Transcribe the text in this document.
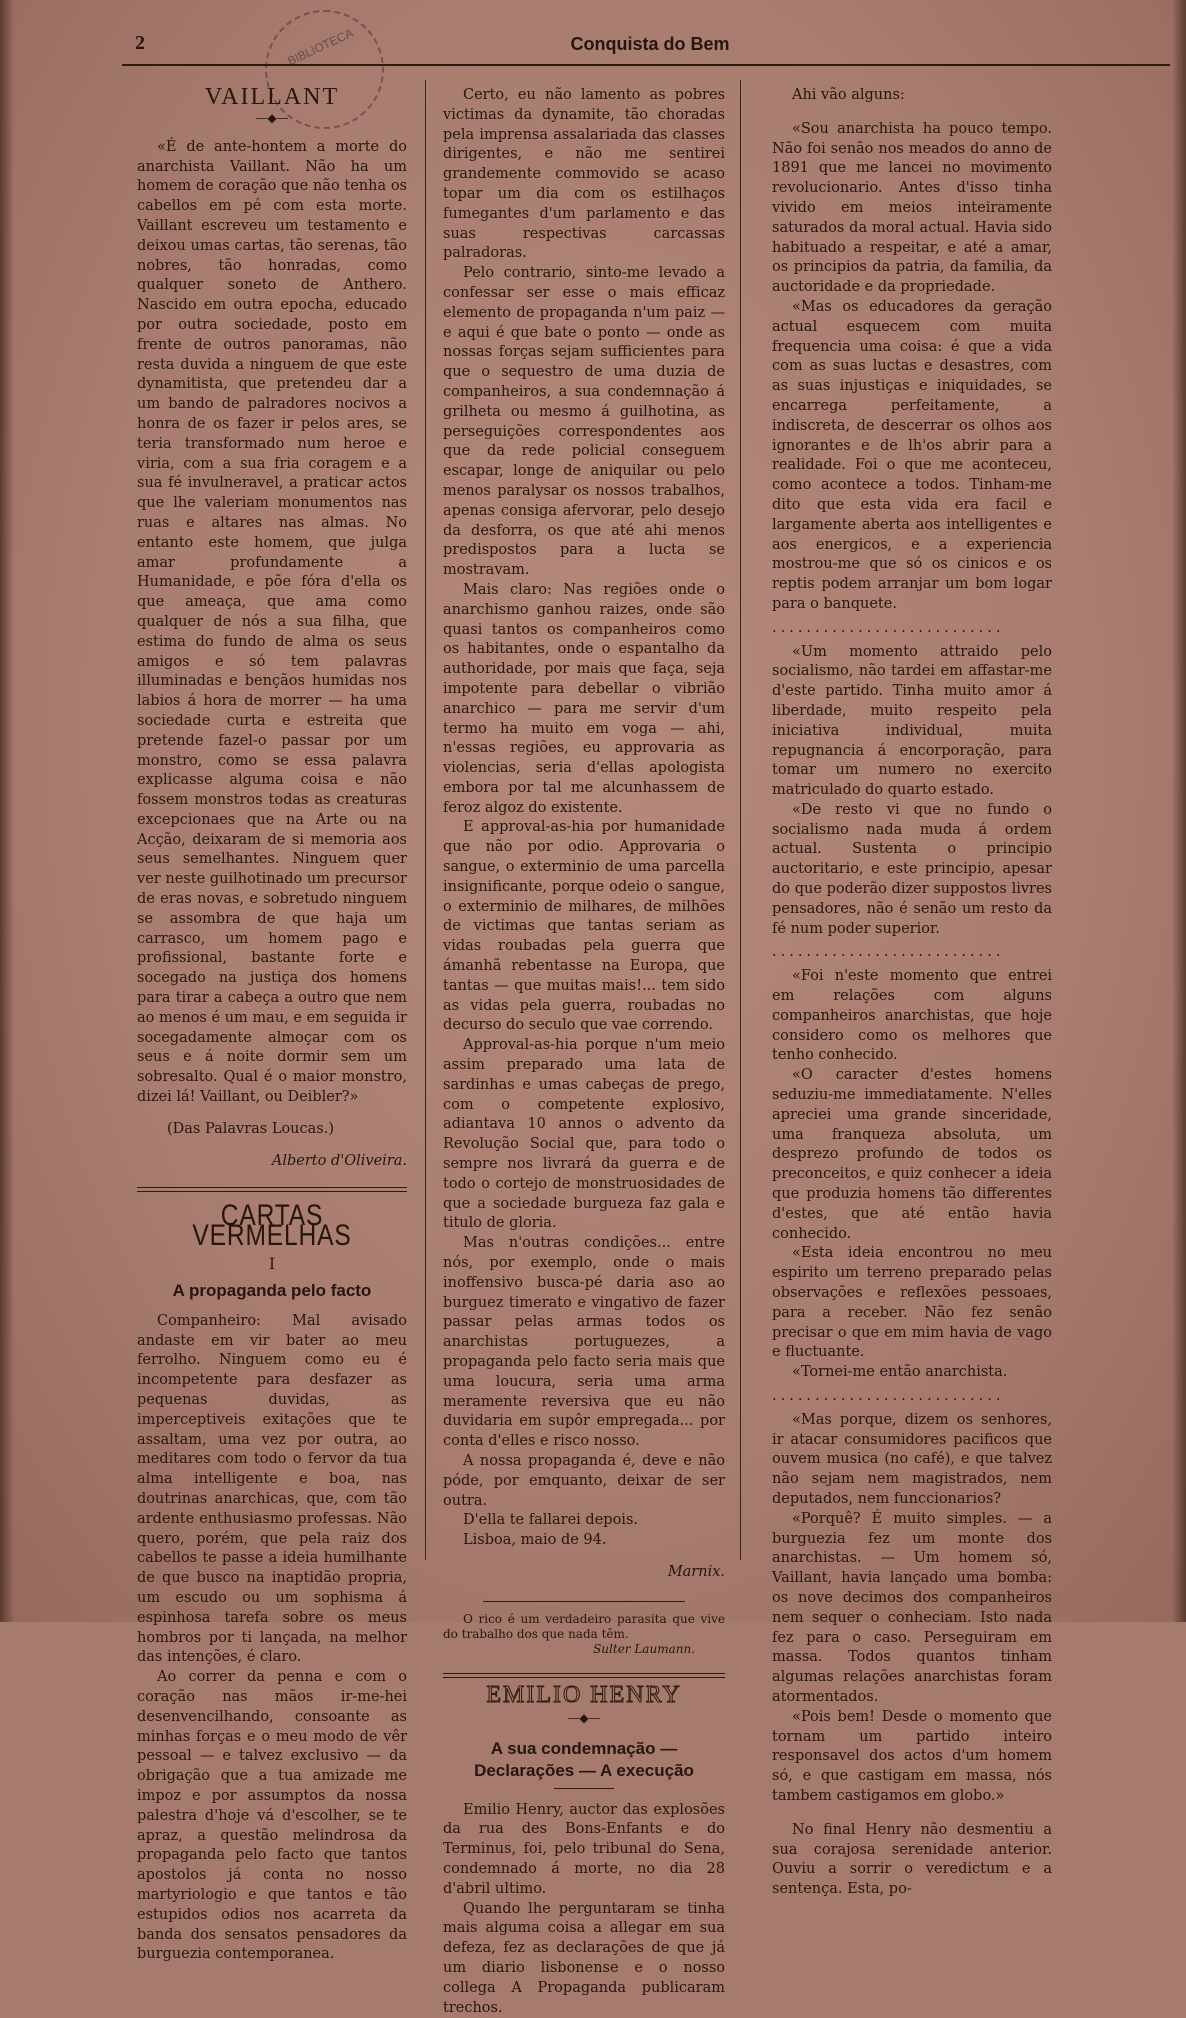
BIBLIOTECA
2	Conquista do Bem
VAILLANT
—◆—

«É de ante-hontem a morte do anarchista Vaillant. Não ha um homem de coração que não tenha os cabellos em pé com esta morte. Vaillant escreveu um testamento e deixou umas cartas, tão serenas, tão nobres, tão honradas, como qualquer soneto de Anthero. Nascido em outra epocha, educado por outra sociedade, posto em frente de outros panoramas, não resta duvida a ninguem de que este dynamitista, que pretendeu dar a um bando de palradores nocivos a honra de os fazer ir pelos ares, se teria transformado num heroe e viria, com a sua fria coragem e a sua fé invulneravel, a praticar actos que lhe valeriam monumentos nas ruas e altares nas almas. No entanto este homem, que julga amar profundamente a Humanidade, e põe fóra d'ella os que ameaça, que ama como qualquer de nós a sua filha, que estima do fundo de alma os seus amigos e só tem palavras illuminadas e bençãos humidas nos labios á hora de morrer — ha uma sociedade curta e estreita que pretende fazel-o passar por um monstro, como se essa palavra explicasse alguma coisa e não fossem monstros todas as creaturas excepcionaes que na Arte ou na Acção, deixaram de si memoria aos seus semelhantes. Ninguem quer ver neste guilhotinado um precursor de eras novas, e sobretudo ninguem se assombra de que haja um carrasco, um homem pago e profissional, bastante forte e socegado na justiça dos homens para tirar a cabeça a outro que nem ao menos é um mau, e em seguida ir socegadamente almoçar com os seus e á noite dormir sem um sobresalto. Qual é o maior monstro, dizei lá! Vaillant, ou Deibler?»

(Das Palavras Loucas.)

Alberto d'Oliveira.
CARTAS VERMELHAS
I
A propaganda pelo facto

Companheiro: Mal avisado andaste em vir bater ao meu ferrolho. Ninguem como eu é incompetente para desfazer as pequenas duvidas, as imperceptiveis exitações que te assaltam, uma vez por outra, ao meditares com todo o fervor da tua alma intelligente e boa, nas doutrinas anarchicas, que, com tão ardente enthusiasmo professas. Não quero, porém, que pela raiz dos cabellos te passe a ideia humilhante de que busco na inaptidão propria, um escudo ou um sophisma á espinhosa tarefa sobre os meus hombros por ti lançada, na melhor das intenções, é claro.

Ao correr da penna e com o coração nas mãos ir-me-hei desenvencilhando, consoante as minhas forças e o meu modo de vêr pessoal — e talvez exclusivo — da obrigação que a tua amizade me impoz e por assumptos da nossa palestra d'hoje vá d'escolher, se te apraz, a questão melindrosa da propaganda pelo facto que tantos apostolos já conta no nosso martyriologio e que tantos e tão estupidos odios nos acarreta da banda dos sensatos pensadores da burguezia contemporanea.

Certo, eu não lamento as pobres victimas da dynamite, tão choradas pela imprensa assalariada das classes dirigentes, e não me sentirei grandemente commovido se acaso topar um dia com os estilhaços fumegantes d'um parlamento e das suas respectivas carcassas palradoras.

Pelo contrario, sinto-me levado a confessar ser esse o mais efficaz elemento de propaganda n'um paiz — e aqui é que bate o ponto — onde as nossas forças sejam sufficientes para que o sequestro de uma duzia de companheiros, a sua condemnação á grilheta ou mesmo á guilhotina, as perseguições correspondentes aos que da rede policial conseguem escapar, longe de aniquilar ou pelo menos paralysar os nossos trabalhos, apenas consiga afervorar, pelo desejo da desforra, os que até ahi menos predispostos para a lucta se mostravam.

Mais claro: Nas regiões onde o anarchismo ganhou raizes, onde são quasi tantos os companheiros como os habitantes, onde o espantalho da authoridade, por mais que faça, seja impotente para debellar o vibrião anarchico — para me servir d'um termo ha muito em voga — ahi, n'essas regiões, eu approvaria as violencias, seria d'ellas apologista embora por tal me alcunhassem de feroz algoz do existente.

E approval-as-hia por humanidade que não por odio. Approvaria o sangue, o exterminio de uma parcella insignificante, porque odeio o sangue, o exterminio de milhares, de milhões de victimas que tantas seriam as vidas roubadas pela guerra que ámanhã rebentasse na Europa, que tantas — que muitas mais!... tem sido as vidas pela guerra, roubadas no decurso do seculo que vae correndo.

Approval-as-hia porque n'um meio assim preparado uma lata de sardinhas e umas cabeças de prego, com o competente explosivo, adiantava 10 annos o advento da Revolução Social que, para todo o sempre nos livrará da guerra e de todo o cortejo de monstruosidades de que a sociedade burgueza faz gala e titulo de gloria.

Mas n'outras condições... entre nós, por exemplo, onde o mais inoffensivo busca-pé daria aso ao burguez timerato e vingativo de fazer passar pelas armas todos os anarchistas portuguezes, a propaganda pelo facto seria mais que uma loucura, seria uma arma meramente reversiva que eu não duvidaria em supôr empregada... por conta d'elles e risco nosso.

A nossa propaganda é, deve e não póde, por emquanto, deixar de ser outra.

D'ella te fallarei depois.

Lisboa, maio de 94.

Marnix.

O rico é um verdadeiro parasita que vive do trabalho dos que nada têm.

Sulter Laumann.
EMILIO HENRY
—◆—
A sua condemnação — Declarações — A execução

Emilio Henry, auctor das explosões da rua des Bons-Enfants e do Terminus, foi, pelo tribunal do Sena, condemnado á morte, no dia 28 d'abril ultimo.

Quando lhe perguntaram se tinha mais alguma coisa a allegar em sua defeza, fez as declarações de que já um diario lisbonense e o nosso collega A Propaganda publicaram trechos.

Ahi vão alguns:

«Sou anarchista ha pouco tempo. Não foi senão nos meados do anno de 1891 que me lancei no movimento revolucionario. Antes d'isso tinha vivido em meios inteiramente saturados da moral actual. Havia sido habituado a respeitar, e até a amar, os principios da patria, da familia, da auctoridade e da propriedade.

«Mas os educadores da geração actual esquecem com muita frequencia uma coisa: é que a vida com as suas luctas e desastres, com as suas injustiças e iniquidades, se encarrega perfeitamente, a indiscreta, de descerrar os olhos aos ignorantes e de lh'os abrir para a realidade. Foi o que me aconteceu, como acontece a todos. Tinham-me dito que esta vida era facil e largamente aberta aos intelligentes e aos energicos, e a experiencia mostrou-me que só os cinicos e os reptis podem arranjar um bom logar para o banquete.

...........................

«Um momento attraido pelo socialismo, não tardei em affastar-me d'este partido. Tinha muito amor á liberdade, muito respeito pela iniciativa individual, muita repugnancia á encorporação, para tomar um numero no exercito matriculado do quarto estado.

«De resto vi que no fundo o socialismo nada muda á ordem actual. Sustenta o principio auctoritario, e este principio, apesar do que poderão dizer suppostos livres pensadores, não é senão um resto da fé num poder superior.

...........................

«Foi n'este momento que entrei em relações com alguns companheiros anarchistas, que hoje considero como os melhores que tenho conhecido.

«O caracter d'estes homens seduziu-me immediatamente. N'elles apreciei uma grande sinceridade, uma franqueza absoluta, um desprezo profundo de todos os preconceitos, e quiz conhecer a ideia que produzia homens tão differentes d'estes, que até então havia conhecido.

«Esta ideia encontrou no meu espirito um terreno preparado pelas observações e reflexões pessoaes, para a receber. Não fez senão precisar o que em mim havia de vago e fluctuante.

«Tornei-me então anarchista.

...........................

«Mas porque, dizem os senhores, ir atacar consumidores pacificos que ouvem musica (no café), e que talvez não sejam nem magistrados, nem deputados, nem funccionarios?

«Porquê? É muito simples. — a burguezia fez um monte dos anarchistas. — Um homem só, Vaillant, havia lançado uma bomba: os nove decimos dos companheiros nem sequer o conheciam. Isto nada fez para o caso. Perseguiram em massa. Todos quantos tinham algumas relações anarchistas foram atormentados.

«Pois bem! Desde o momento que tornam um partido inteiro responsavel dos actos d'um homem só, e que castigam em massa, nós tambem castigamos em globo.»

No final Henry não desmentiu a sua corajosa serenidade anterior. Ouviu a sorrir o veredictum e a sentença. Esta, po-
